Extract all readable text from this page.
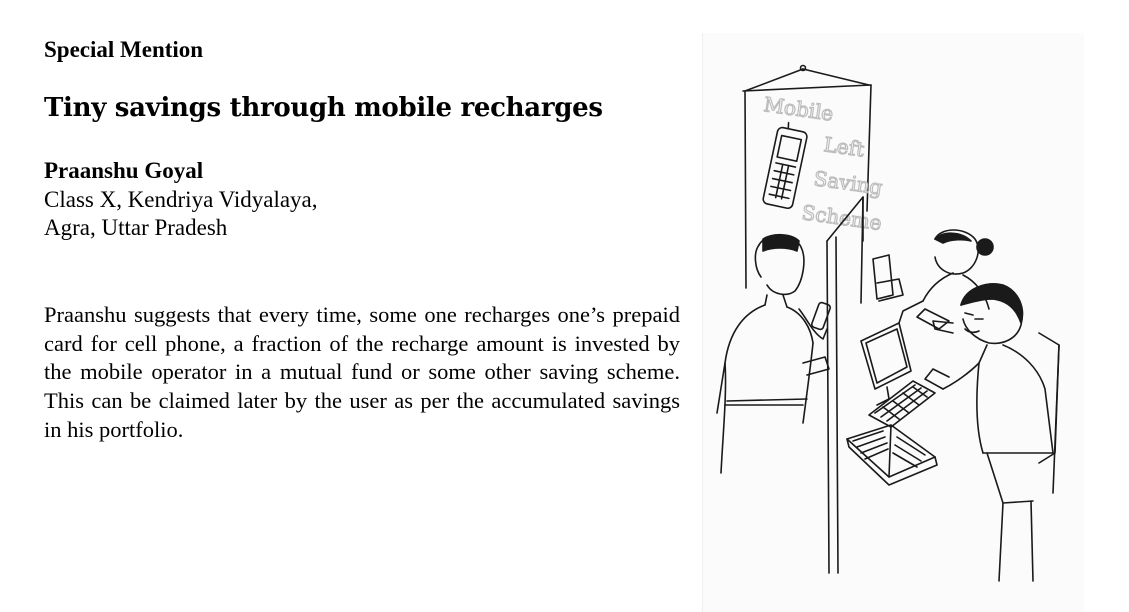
Special Mention
Tiny savings through mobile recharges
Praanshu Goyal
Class X, Kendriya Vidyalaya,
Agra, Uttar Pradesh

Praanshu suggests that every time, some one recharges one’s prepaid card for cell phone, a fraction of the recharge amount is invested by the mobile operator in a mutual fund or some other saving scheme. This can be claimed later by the user as per the accumulated savings in his portfolio.

Mobile
Left
Saving
Scheme
